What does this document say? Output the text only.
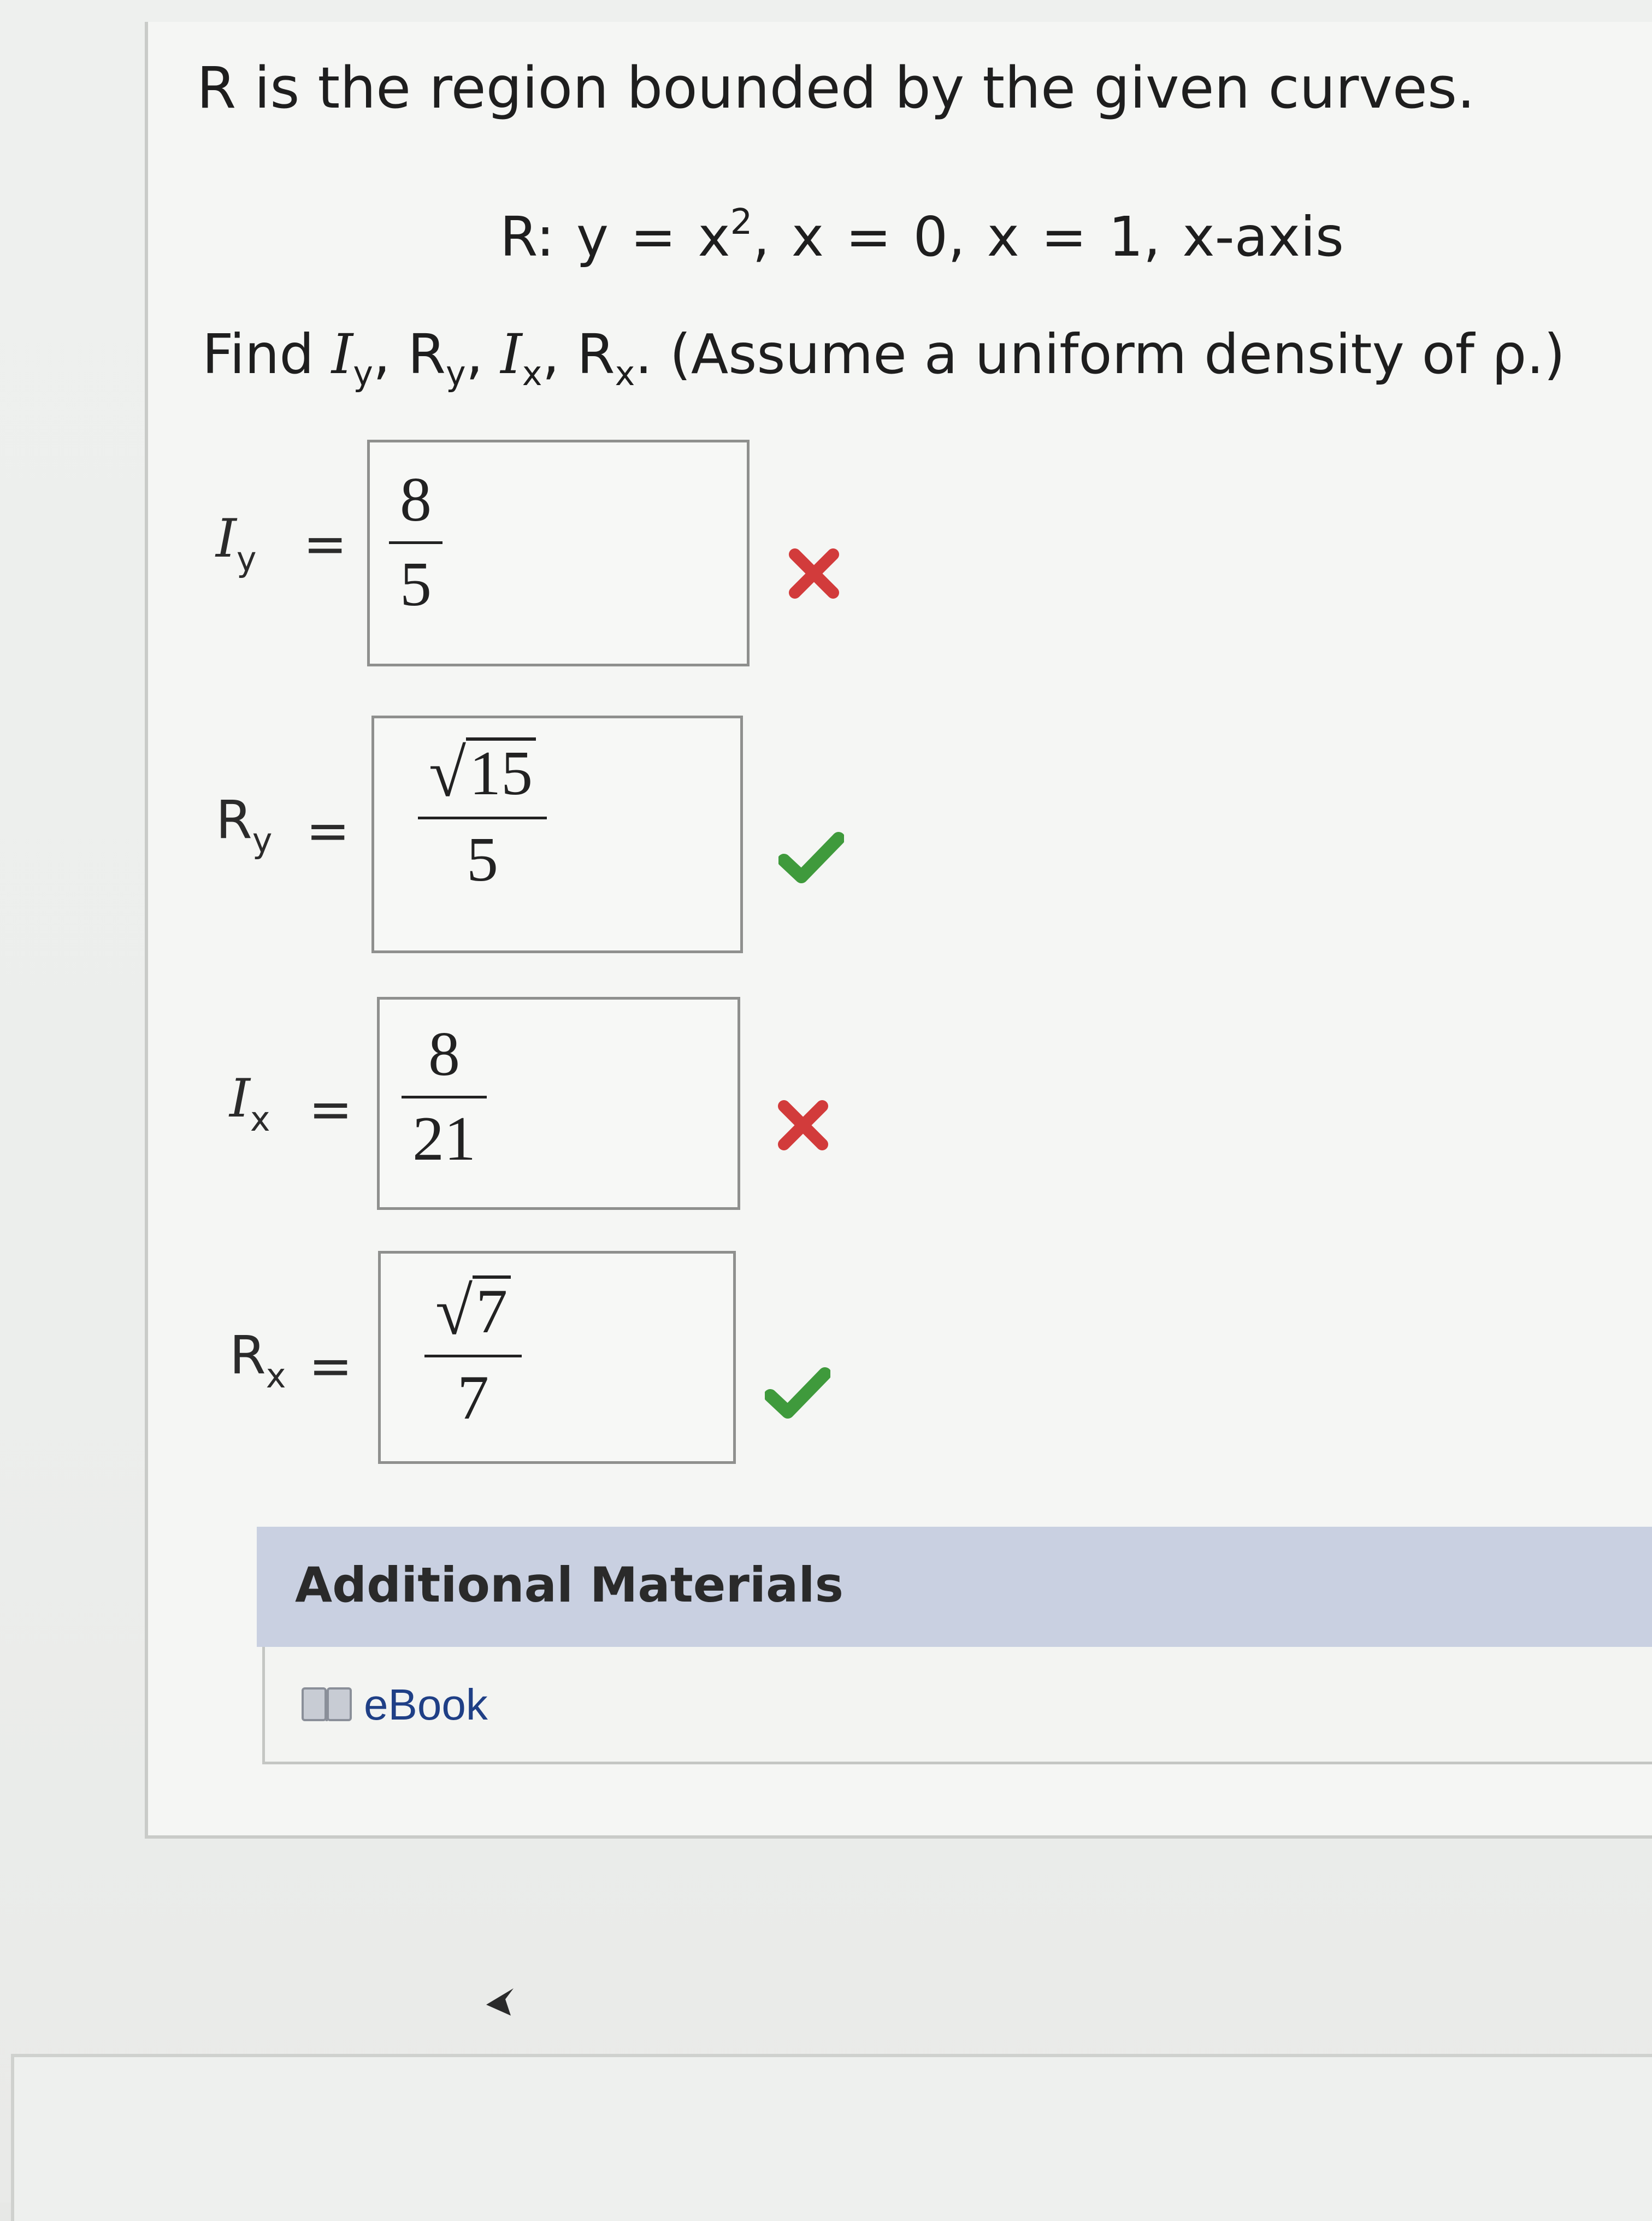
R is the region bounded by the given curves.
R: $y = x^2$, x = 0, x = 1, x-axis
Find $I_y$, $R_y$, $I_x$, $R_x$. (Assume a uniform density of ρ.)
$I_y$ =
8
5
$R_y$ =
√ 15
5
$I_x$ =
8
21
$R_x$ =
√ 7
7
Additional Materials
eBook
